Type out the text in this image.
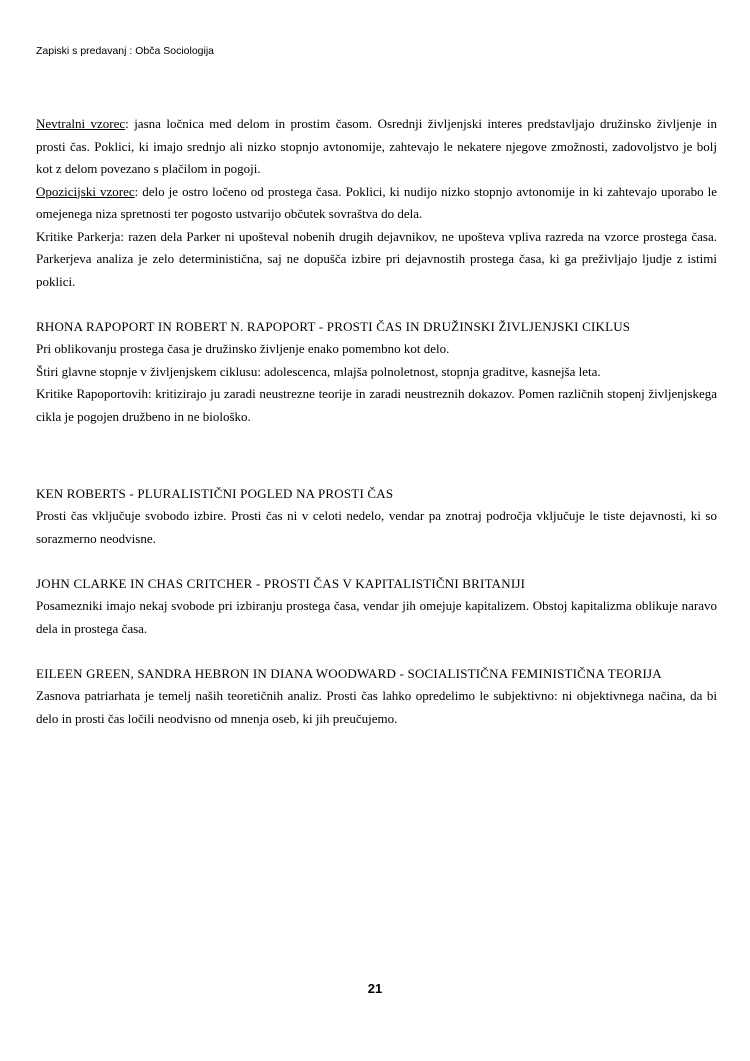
Zapiski s predavanj : Obča Sociologija

Nevtralni vzorec: jasna ločnica med delom in prostim časom. Osrednji življenjski interes predstavljajo družinsko življenje in prosti čas. Poklici, ki imajo srednjo ali nizko stopnjo avtonomije, zahtevajo le nekatere njegove zmožnosti, zadovoljstvo je bolj kot z delom povezano s plačilom in pogoji.

Opozicijski vzorec: delo je ostro ločeno od prostega časa. Poklici, ki nudijo nizko stopnjo avtonomije in ki zahtevajo uporabo le omejenega niza spretnosti ter pogosto ustvarijo občutek sovraštva do dela.

Kritike Parkerja: razen dela Parker ni upošteval nobenih drugih dejavnikov, ne upošteva vpliva razreda na vzorce prostega časa. Parkerjeva analiza je zelo deterministična, saj ne dopušča izbire pri dejavnostih prostega časa, ki ga preživljajo ljudje z istimi poklici.

RHONA RAPOPORT IN ROBERT N. RAPOPORT - PROSTI ČAS IN DRUŽINSKI ŽIVLJENJSKI CIKLUS

Pri oblikovanju prostega časa je družinsko življenje enako pomembno kot delo.

Štiri glavne stopnje v življenjskem ciklusu: adolescenca, mlajša polnoletnost, stopnja graditve, kasnejša leta.

Kritike Rapoportovih: kritizirajo ju zaradi neustrezne teorije in zaradi neustreznih dokazov. Pomen različnih stopenj življenjskega cikla je pogojen družbeno in ne biološko.

KEN ROBERTS - PLURALISTIČNI POGLED NA PROSTI ČAS

Prosti čas vključuje svobodo izbire. Prosti čas ni v celoti nedelo, vendar pa znotraj področja vključuje le tiste dejavnosti, ki so sorazmerno neodvisne.

JOHN CLARKE IN CHAS CRITCHER - PROSTI ČAS V KAPITALISTIČNI BRITANIJI

Posamezniki imajo nekaj svobode pri izbiranju prostega časa, vendar jih omejuje kapitalizem. Obstoj kapitalizma oblikuje naravo dela in prostega časa.

EILEEN GREEN, SANDRA HEBRON IN DIANA WOODWARD - SOCIALISTIČNA FEMINISTIČNA TEORIJA

Zasnova patriarhata je temelj naših teoretičnih analiz. Prosti čas lahko opredelimo le subjektivno: ni objektivnega načina, da bi delo in prosti čas ločili neodvisno od mnenja oseb, ki jih preučujemo.

21
